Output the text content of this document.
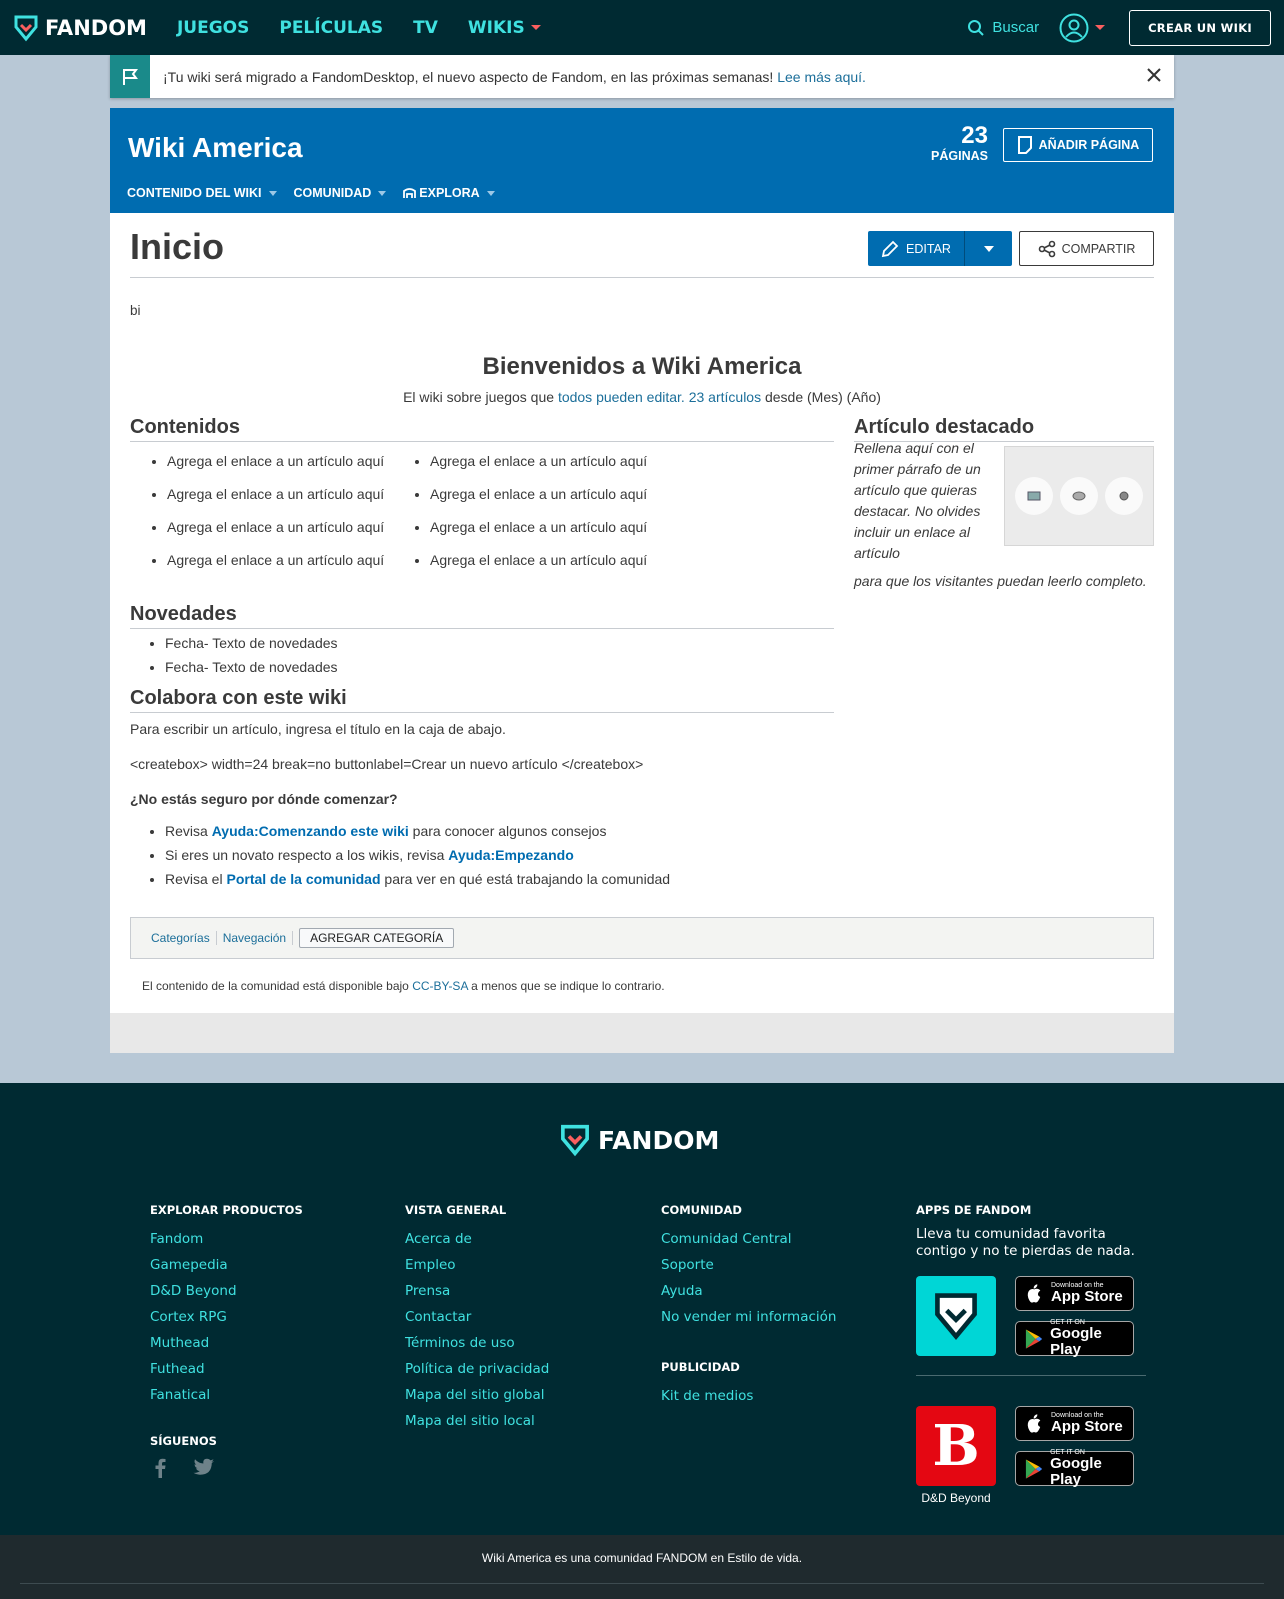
FANDOM JUEGOS PELÍCULAS TV WIKIS	Buscar	CREAR UN WIKI
¡Tu wiki será migrado a FandomDesktop, el nuevo aspecto de Fandom, en las próximas semanas! Lee más aquí.
Wiki America	23
PÁGINAS
AÑADIR PÁGINA
CONTENIDO DEL WIKI	COMUNIDAD	EXPLORA
Inicio	EDITAR	COMPARTIR

bi

Bienvenidos a Wiki America

El wiki sobre juegos que todos pueden editar. 23 artículos desde (Mes) (Año)

Contenidos
• Agrega el enlace a un artículo aquí	• Agrega el enlace a un artículo aquí
• Agrega el enlace a un artículo aquí	• Agrega el enlace a un artículo aquí
• Agrega el enlace a un artículo aquí	• Agrega el enlace a un artículo aquí
• Agrega el enlace a un artículo aquí	• Agrega el enlace a un artículo aquí
Artículo destacado

Rellena aquí con el primer párrafo de un artículo que quieras destacar. No olvides incluir un enlace al artículo

para que los visitantes puedan leerlo completo.

Novedades
• Fecha- Texto de novedades
• Fecha- Texto de novedades
Colabora con este wiki

Para escribir un artículo, ingresa el título en la caja de abajo.

<createbox> width=24 break=no buttonlabel=Crear un nuevo artículo </createbox>

¿No estás seguro por dónde comenzar?

• Revisa Ayuda:Comenzando este wiki para conocer algunos consejos
• Si eres un novato respecto a los wikis, revisa Ayuda:Empezando
• Revisa el Portal de la comunidad para ver en qué está trabajando la comunidad
Categorías	Navegación	AGREGAR CATEGORÍA

El contenido de la comunidad está disponible bajo CC-BY-SA a menos que se indique lo contrario.

FANDOM
EXPLORAR PRODUCTOS
Fandom
Gamepedia
D&D Beyond
Cortex RPG
Muthead
Futhead
Fanatical
SÍGUENOS
VISTA GENERAL
Acerca de
Empleo
Prensa
Contactar
Términos de uso
Política de privacidad
Mapa del sitio global
Mapa del sitio local
COMUNIDAD
Comunidad Central
Soporte
Ayuda
No vender mi información
PUBLICIDAD
Kit de medios
APPS DE FANDOM

Lleva tu comunidad favorita contigo y no te pierdas de nada.

Download on the
App Store
GET IT ON
Google Play
B
D&D Beyond
Download on the
App Store
GET IT ON
Google Play
Wiki America es una comunidad FANDOM en Estilo de vida.
